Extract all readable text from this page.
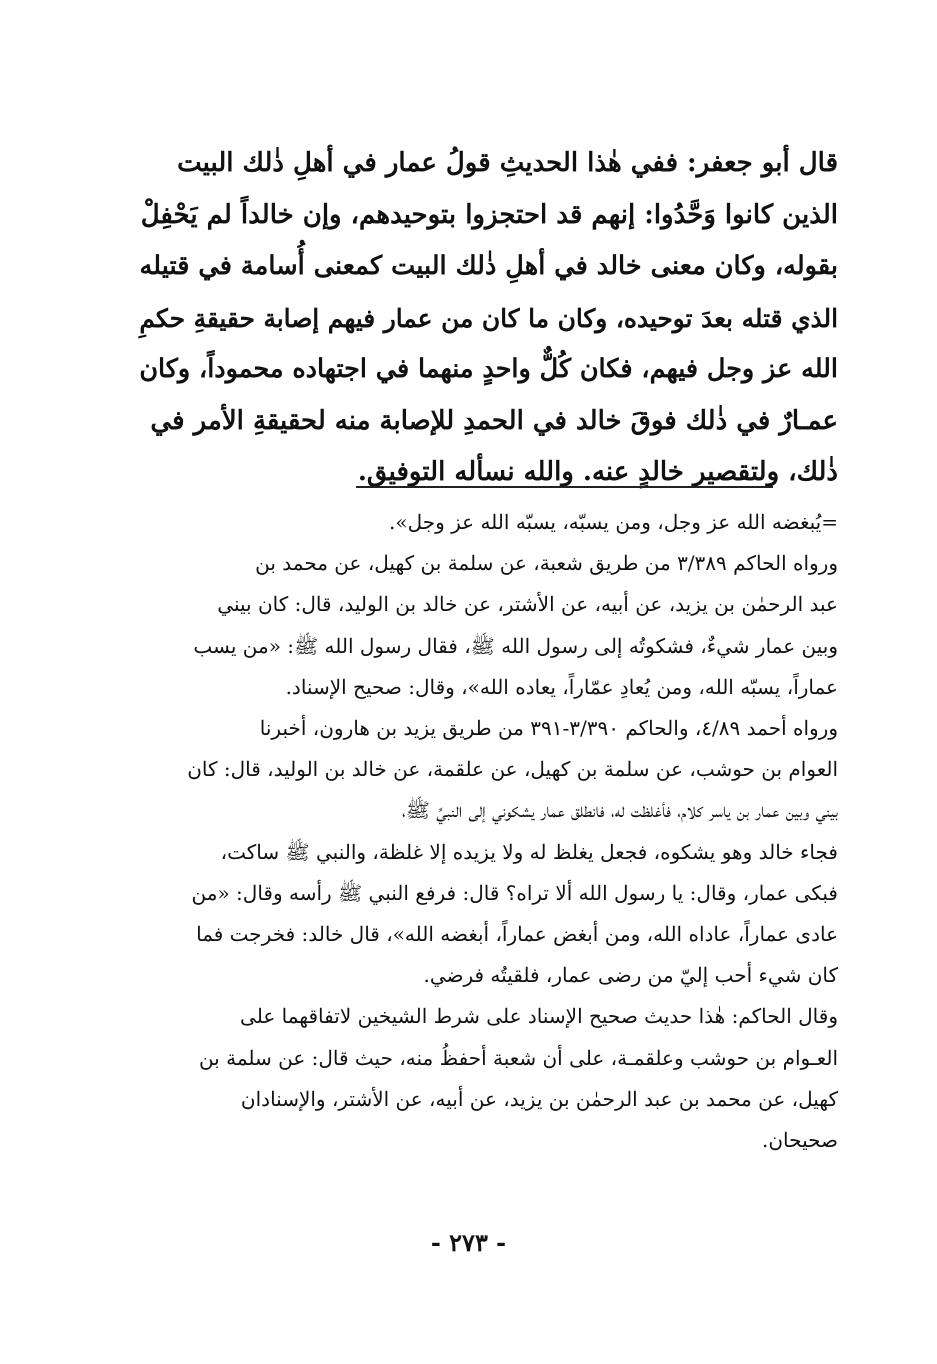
قال أبو جعفر: ففي هٰذا الحديثِ قولُ عمار في أهلِ ذٰلك البيت
الذين كانوا وَحَّدُوا: إنهم قد احتجزوا بتوحيدهم، وإن خالداً لم يَحْفِلْ
بقوله، وكان معنى خالد في أهلِ ذٰلك البيت كمعنى أُسامة في قتيله
الذي قتله بعدَ توحيده، وكان ما كان من عمار فيهم إصابة حقيقةِ حكمِ
الله عز وجل فيهم، فكان كُلٌّ واحدٍ منهما في اجتهاده محموداً، وكان
عمـارٌ في ذٰلك فوقَ خالد في الحمدِ للإصابة منه لحقيقةِ الأمر في
ذٰلك، ولتقصير خالدٍ عنه. والله نسأله التوفيق.
=يُبغضه الله عز وجل، ومن يسبّه، يسبّه الله عز وجل».
ورواه الحاكم ٣/٣٨٩ من طريق شعبة، عن سلمة بن كهيل، عن محمد بن
عبد الرحمٰن بن يزيد، عن أبيه، عن الأشتر، عن خالد بن الوليد، قال: كان بيني
وبين عمار شيءٌ، فشكوتُه إلى رسول الله ﷺ، فقال رسول الله ﷺ: «من يسب
عماراً، يسبّه الله، ومن يُعادِ عمّاراً، يعاده الله»، وقال: صحيح الإسناد.
ورواه أحمد ٤/٨٩، والحاكم ٣/٣٩٠-٣٩١ من طريق يزيد بن هارون، أخبرنا
العوام بن حوشب، عن سلمة بن كهيل، عن علقمة، عن خالد بن الوليد، قال: كان
بيني وبين عمار بن ياسر كلام، فأغلظت له، فانطلق عمار يشكوني إلى النبيِّ ﷺ،
فجاء خالد وهو يشكوه، فجعل يغلظ له ولا يزيده إلا غلظة، والنبي ﷺ ساكت،
فبكى عمار، وقال: يا رسول الله ألا تراه؟ قال: فرفع النبي ﷺ رأسه وقال: «من
عادى عماراً، عاداه الله، ومن أبغض عماراً، أبغضه الله»، قال خالد: فخرجت فما
كان شيء أحب إليّ من رضى عمار، فلقيتُه فرضي.
وقال الحاكم: هٰذا حديث صحيح الإسناد على شرط الشيخين لاتفاقهما على
العـوام بن حوشب وعلقمـة، على أن شعبة أحفظُ منه، حيث قال: عن سلمة بن
كهيل، عن محمد بن عبد الرحمٰن بن يزيد، عن أبيه، عن الأشتر، والإسنادان
صحيحان.
- ٢٧٣ -
